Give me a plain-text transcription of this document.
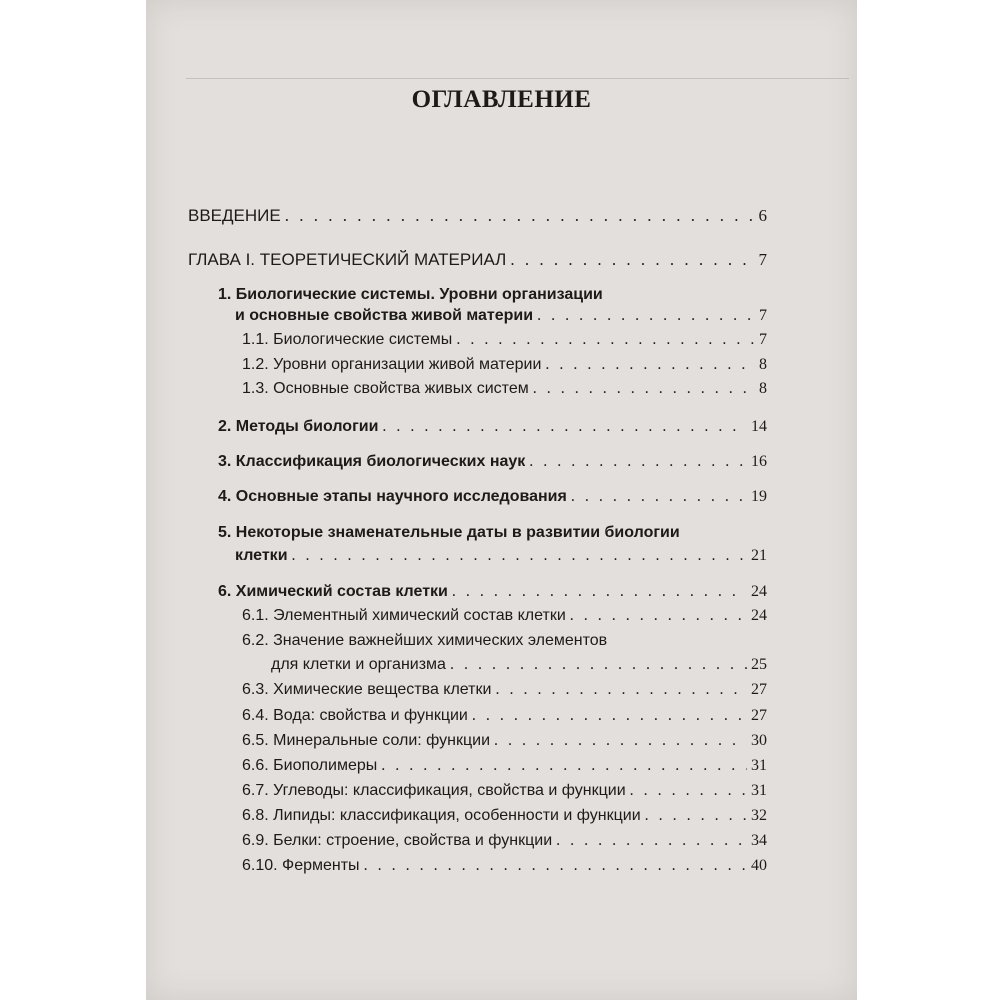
ОГЛАВЛЕНИЕ
ВВЕДЕНИЕ . . .	6
ГЛАВА I. ТЕОРЕТИЧЕСКИЙ МАТЕРИАЛ . . .	7
1. Биологические системы. Уровни организации
и основные свойства живой материи . . .	7
1.1. Биологические системы . . .	7
1.2. Уровни организации живой материи . . .	8
1.3. Основные свойства живых систем . . .	8
2. Методы биологии . . .	14
3. Классификация биологических наук . . .	16
4. Основные этапы научного исследования . . .	19
5. Некоторые знаменательные даты в развитии биологии
клетки . . .	21
6. Химический состав клетки . . .	24
6.1. Элементный химический состав клетки . . .	24
6.2. Значение важнейших химических элементов
для клетки и организма . . .	25
6.3. Химические вещества клетки . . .	27
6.4. Вода: свойства и функции . . .	27
6.5. Минеральные соли: функции . . .	30
6.6. Биополимеры . . .	31
6.7. Углеводы: классификация, свойства и функции . . .	31
6.8. Липиды: классификация, особенности и функции . . .	32
6.9. Белки: строение, свойства и функции . . .	34
6.10. Ферменты . . .	40
